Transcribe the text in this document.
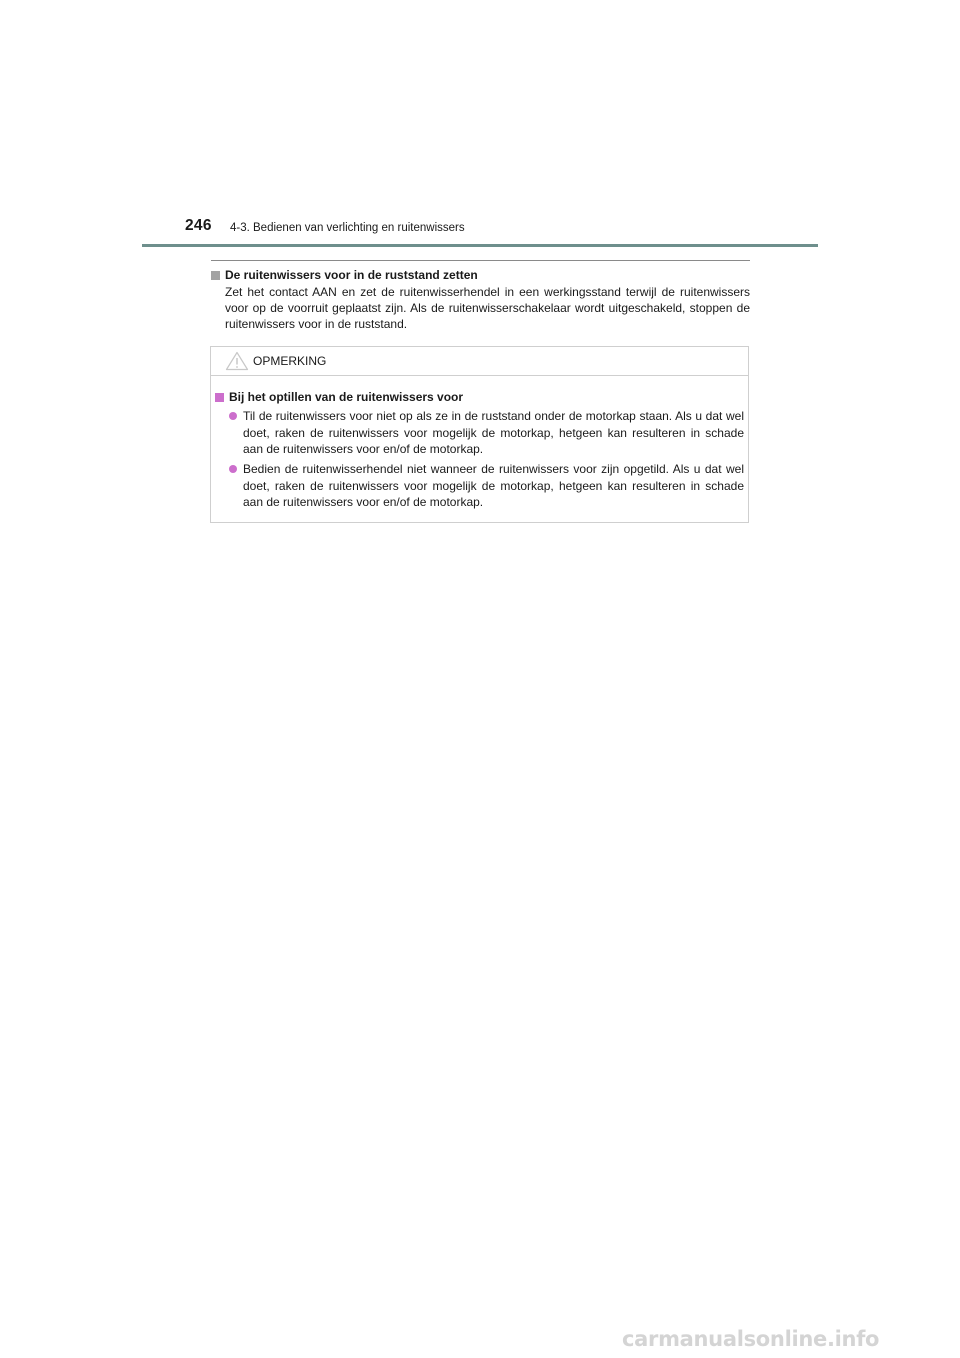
246 4-3. Bedienen van verlichting en ruitenwissers
De ruitenwissers voor in de ruststand zetten
Zet het contact AAN en zet de ruitenwisserhendel in een werkingsstand terwijl de ruitenwissers voor op de voorruit geplaatst zijn. Als de ruitenwisserschakelaar wordt uitgeschakeld, stoppen de ruitenwissers voor in de ruststand.
OPMERKING
Bij het optillen van de ruitenwissers voor
Til de ruitenwissers voor niet op als ze in de ruststand onder de motorkap staan. Als u dat wel doet, raken de ruitenwissers voor mogelijk de motorkap, hetgeen kan resulteren in schade aan de ruitenwissers voor en/of de motorkap.
Bedien de ruitenwisserhendel niet wanneer de ruitenwissers voor zijn opgetild. Als u dat wel doet, raken de ruitenwissers voor mogelijk de motorkap, hetgeen kan resulteren in schade aan de ruitenwissers voor en/of de motorkap.
carmanualsonline.info
